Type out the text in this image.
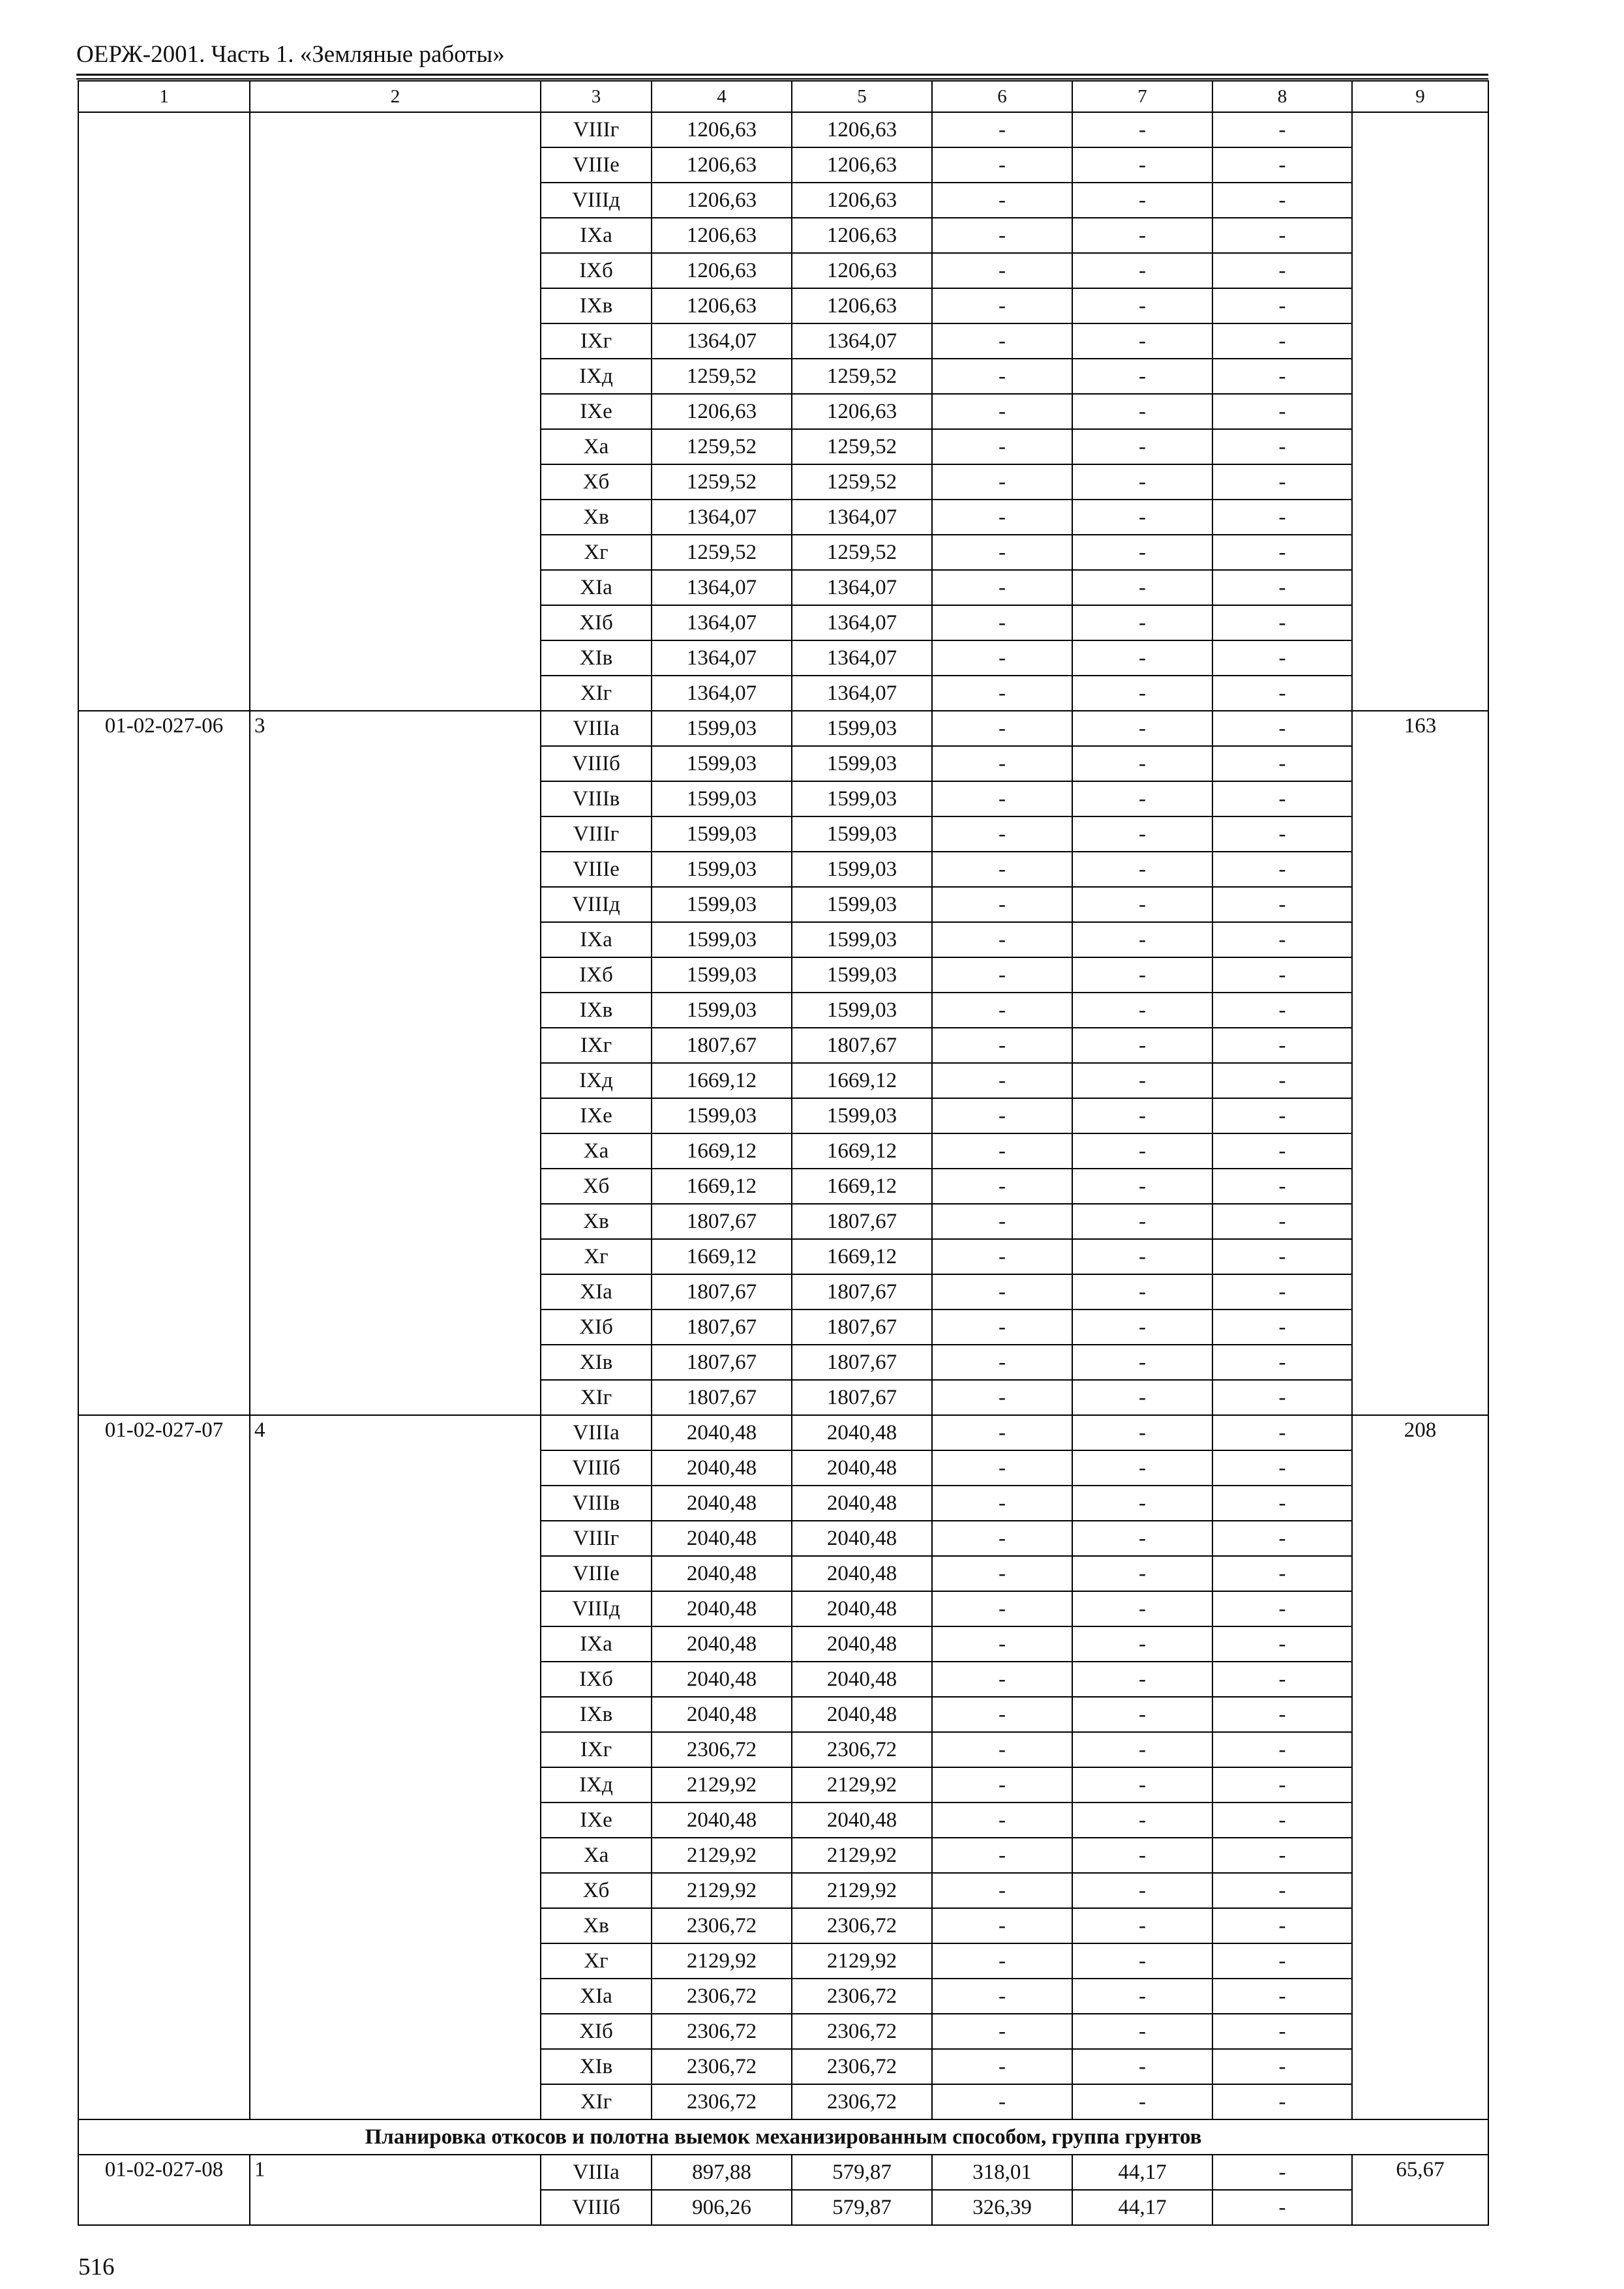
ОЕРЖ-2001. Часть 1. «Земляные работы»
1	2	3	4	5	6	7	8	9
		VIIIг	1206,63	1206,63	-	-	-	
		VIIIe	1206,63	1206,63	-	-	-	
		VIIIд	1206,63	1206,63	-	-	-	
		IXa	1206,63	1206,63	-	-	-	
		IXб	1206,63	1206,63	-	-	-	
		IXв	1206,63	1206,63	-	-	-	
		IXг	1364,07	1364,07	-	-	-	
		IXд	1259,52	1259,52	-	-	-	
		IXe	1206,63	1206,63	-	-	-	
		Xa	1259,52	1259,52	-	-	-	
		Xб	1259,52	1259,52	-	-	-	
		Xв	1364,07	1364,07	-	-	-	
		Xг	1259,52	1259,52	-	-	-	
		XIa	1364,07	1364,07	-	-	-	
		XIб	1364,07	1364,07	-	-	-	
		XIв	1364,07	1364,07	-	-	-	
		XIг	1364,07	1364,07	-	-	-	
01-02-027-06	3	VIIIa	1599,03	1599,03	-	-	-	163
		VIIIб	1599,03	1599,03	-	-	-	
		VIIIв	1599,03	1599,03	-	-	-	
		VIIIг	1599,03	1599,03	-	-	-	
		VIIIe	1599,03	1599,03	-	-	-	
		VIIIд	1599,03	1599,03	-	-	-	
		IXa	1599,03	1599,03	-	-	-	
		IXб	1599,03	1599,03	-	-	-	
		IXв	1599,03	1599,03	-	-	-	
		IXг	1807,67	1807,67	-	-	-	
		IXд	1669,12	1669,12	-	-	-	
		IXe	1599,03	1599,03	-	-	-	
		Xa	1669,12	1669,12	-	-	-	
		Xб	1669,12	1669,12	-	-	-	
		Xв	1807,67	1807,67	-	-	-	
		Xг	1669,12	1669,12	-	-	-	
		XIa	1807,67	1807,67	-	-	-	
		XIб	1807,67	1807,67	-	-	-	
		XIв	1807,67	1807,67	-	-	-	
		XIг	1807,67	1807,67	-	-	-	
01-02-027-07	4	VIIIa	2040,48	2040,48	-	-	-	208
		VIIIб	2040,48	2040,48	-	-	-	
		VIIIв	2040,48	2040,48	-	-	-	
		VIIIг	2040,48	2040,48	-	-	-	
		VIIIe	2040,48	2040,48	-	-	-	
		VIIIд	2040,48	2040,48	-	-	-	
		IXa	2040,48	2040,48	-	-	-	
		IXб	2040,48	2040,48	-	-	-	
		IXв	2040,48	2040,48	-	-	-	
		IXг	2306,72	2306,72	-	-	-	
		IXд	2129,92	2129,92	-	-	-	
		IXe	2040,48	2040,48	-	-	-	
		Xa	2129,92	2129,92	-	-	-	
		Xб	2129,92	2129,92	-	-	-	
		Xв	2306,72	2306,72	-	-	-	
		Xг	2129,92	2129,92	-	-	-	
		XIa	2306,72	2306,72	-	-	-	
		XIб	2306,72	2306,72	-	-	-	
		XIв	2306,72	2306,72	-	-	-	
		XIг	2306,72	2306,72	-	-	-	
Планировка откосов и полотна выемок механизированным способом, группа грунтов								
01-02-027-08	1	VIIIa	897,88	579,87	318,01	44,17	-	65,67
		VIIIб	906,26	579,87	326,39	44,17	-	
516
